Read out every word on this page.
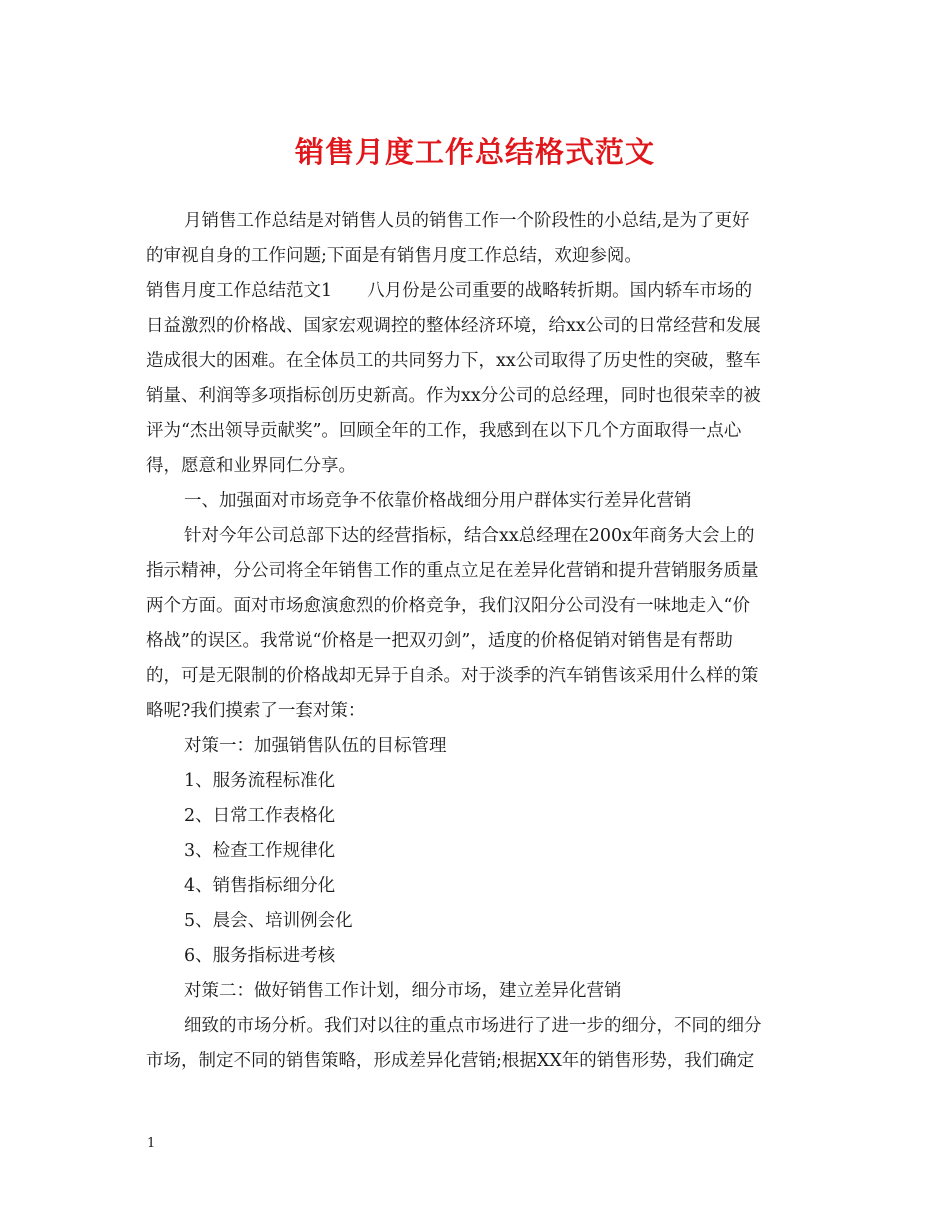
销售月度工作总结格式范文
月销售工作总结是对销售人员的销售工作一个阶段性的小总结,是为了更好
的审视自身的工作问题;下面是有销售月度工作总结，欢迎参阅。
销售月度工作总结范文1　　八月份是公司重要的战略转折期。国内轿车市场的
日益激烈的价格战、国家宏观调控的整体经济环境，给xx公司的日常经营和发展
造成很大的困难。在全体员工的共同努力下，xx公司取得了历史性的突破，整车
销量、利润等多项指标创历史新高。作为xx分公司的总经理，同时也很荣幸的被
评为“杰出领导贡献奖”。回顾全年的工作，我感到在以下几个方面取得一点心
得，愿意和业界同仁分享。
一、加强面对市场竞争不依靠价格战细分用户群体实行差异化营销
针对今年公司总部下达的经营指标，结合xx总经理在200x年商务大会上的
指示精神，分公司将全年销售工作的重点立足在差异化营销和提升营销服务质量
两个方面。面对市场愈演愈烈的价格竞争，我们汉阳分公司没有一味地走入“价
格战”的误区。我常说“价格是一把双刃剑”，适度的价格促销对销售是有帮助
的，可是无限制的价格战却无异于自杀。对于淡季的汽车销售该采用什么样的策
略呢?我们摸索了一套对策：
对策一：加强销售队伍的目标管理
1、服务流程标准化
2、日常工作表格化
3、检查工作规律化
4、销售指标细分化
5、晨会、培训例会化
6、服务指标进考核
对策二：做好销售工作计划，细分市场，建立差异化营销
细致的市场分析。我们对以往的重点市场进行了进一步的细分，不同的细分
市场，制定不同的销售策略，形成差异化营销;根据XX年的销售形势，我们确定
1
